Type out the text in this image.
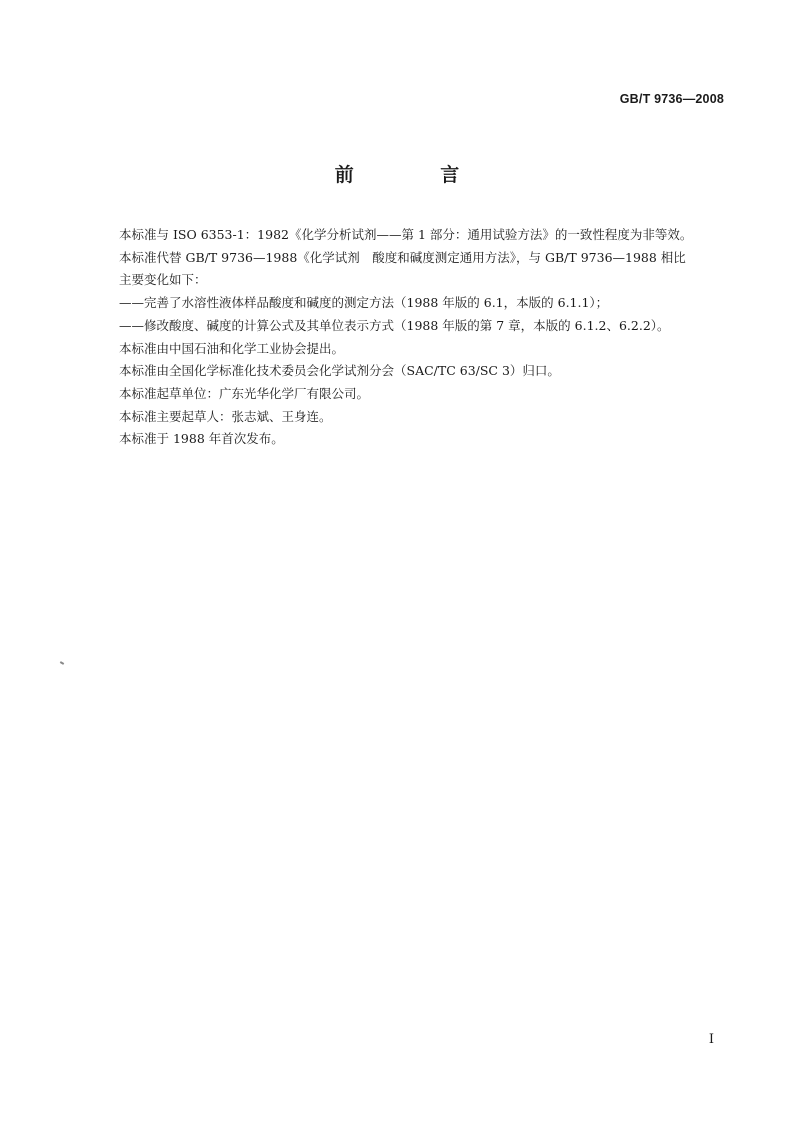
GB/T 9736—2008
前 言

本标准与 ISO 6353-1：1982《化学分析试剂——第 1 部分：通用试验方法》的一致性程度为非等效。

本标准代替 GB/T 9736—1988《化学试剂　酸度和碱度测定通用方法》，与 GB/T 9736—1988 相比

主要变化如下：

——完善了水溶性液体样品酸度和碱度的测定方法（1988 年版的 6.1，本版的 6.1.1）；

——修改酸度、碱度的计算公式及其单位表示方式（1988 年版的第 7 章，本版的 6.1.2、6.2.2）。

本标准由中国石油和化学工业协会提出。

本标准由全国化学标准化技术委员会化学试剂分会（SAC/TC 63/SC 3）归口。

本标准起草单位：广东光华化学厂有限公司。

本标准主要起草人：张志斌、王身连。

本标准于 1988 年首次发布。

I
